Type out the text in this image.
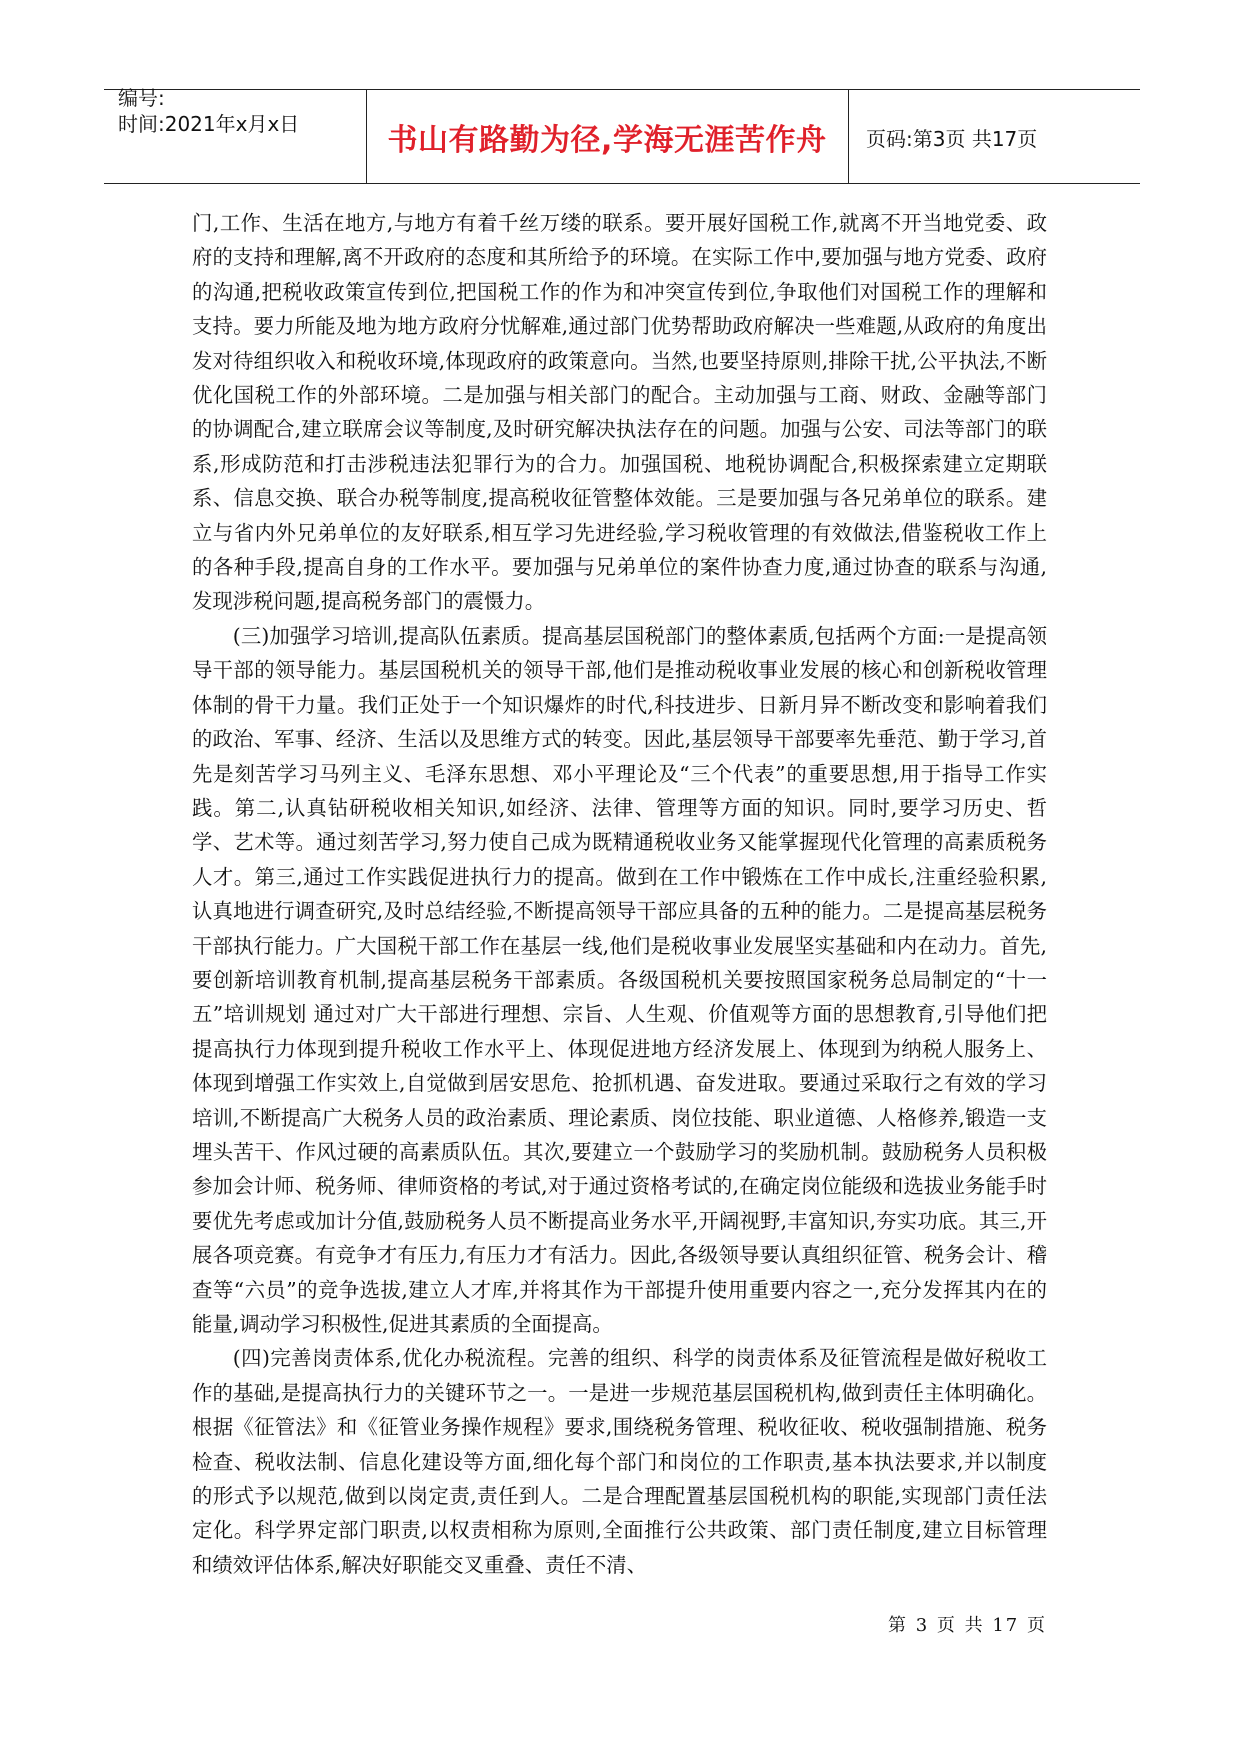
编号:
时间:2021年x月x日	书山有路勤为径,学海无涯苦作舟	页码:第3页 共17页

门,工作、生活在地方,与地方有着千丝万缕的联系。要开展好国税工作,就离不开当地党委、政府的支持和理解,离不开政府的态度和其所给予的环境。在实际工作中,要加强与地方党委、政府的沟通,把税收政策宣传到位,把国税工作的作为和冲突宣传到位,争取他们对国税工作的理解和支持。要力所能及地为地方政府分忧解难,通过部门优势帮助政府解决一些难题,从政府的角度出发对待组织收入和税收环境,体现政府的政策意向。当然,也要坚持原则,排除干扰,公平执法,不断优化国税工作的外部环境。二是加强与相关部门的配合。主动加强与工商、财政、金融等部门的协调配合,建立联席会议等制度,及时研究解决执法存在的问题。加强与公安、司法等部门的联系,形成防范和打击涉税违法犯罪行为的合力。加强国税、地税协调配合,积极探索建立定期联系、信息交换、联合办税等制度,提高税收征管整体效能。三是要加强与各兄弟单位的联系。建立与省内外兄弟单位的友好联系,相互学习先进经验,学习税收管理的有效做法,借鉴税收工作上的各种手段,提高自身的工作水平。要加强与兄弟单位的案件协查力度,通过协查的联系与沟通,发现涉税问题,提高税务部门的震慑力。

(三)加强学习培训,提高队伍素质。提高基层国税部门的整体素质,包括两个方面:一是提高领导干部的领导能力。基层国税机关的领导干部,他们是推动税收事业发展的核心和创新税收管理体制的骨干力量。我们正处于一个知识爆炸的时代,科技进步、日新月异不断改变和影响着我们的政治、军事、经济、生活以及思维方式的转变。因此,基层领导干部要率先垂范、勤于学习,首先是刻苦学习马列主义、毛泽东思想、邓小平理论及“三个代表”的重要思想,用于指导工作实践。第二,认真钻研税收相关知识,如经济、法律、管理等方面的知识。同时,要学习历史、哲学、艺术等。通过刻苦学习,努力使自己成为既精通税收业务又能掌握现代化管理的高素质税务人才。第三,通过工作实践促进执行力的提高。做到在工作中锻炼在工作中成长,注重经验积累,认真地进行调查研究,及时总结经验,不断提高领导干部应具备的五种的能力。二是提高基层税务干部执行能力。广大国税干部工作在基层一线,他们是税收事业发展坚实基础和内在动力。首先,要创新培训教育机制,提高基层税务干部素质。各级国税机关要按照国家税务总局制定的“十一五”培训规划 通过对广大干部进行理想、宗旨、人生观、价值观等方面的思想教育,引导他们把提高执行力体现到提升税收工作水平上、体现促进地方经济发展上、体现到为纳税人服务上、体现到增强工作实效上,自觉做到居安思危、抢抓机遇、奋发进取。要通过采取行之有效的学习培训,不断提高广大税务人员的政治素质、理论素质、岗位技能、职业道德、人格修养,锻造一支埋头苦干、作风过硬的高素质队伍。其次,要建立一个鼓励学习的奖励机制。鼓励税务人员积极参加会计师、税务师、律师资格的考试,对于通过资格考试的,在确定岗位能级和选拔业务能手时要优先考虑或加计分值,鼓励税务人员不断提高业务水平,开阔视野,丰富知识,夯实功底。其三,开展各项竞赛。有竞争才有压力,有压力才有活力。因此,各级领导要认真组织征管、税务会计、稽查等“六员”的竞争选拔,建立人才库,并将其作为干部提升使用重要内容之一,充分发挥其内在的能量,调动学习积极性,促进其素质的全面提高。

(四)完善岗责体系,优化办税流程。完善的组织、科学的岗责体系及征管流程是做好税收工作的基础,是提高执行力的关键环节之一。一是进一步规范基层国税机构,做到责任主体明确化。根据《征管法》和《征管业务操作规程》要求,围绕税务管理、税收征收、税收强制措施、税务检查、税收法制、信息化建设等方面,细化每个部门和岗位的工作职责,基本执法要求,并以制度的形式予以规范,做到以岗定责,责任到人。二是合理配置基层国税机构的职能,实现部门责任法定化。科学界定部门职责,以权责相称为原则,全面推行公共政策、部门责任制度,建立目标管理和绩效评估体系,解决好职能交叉重叠、责任不清、

第 3 页 共 17 页
